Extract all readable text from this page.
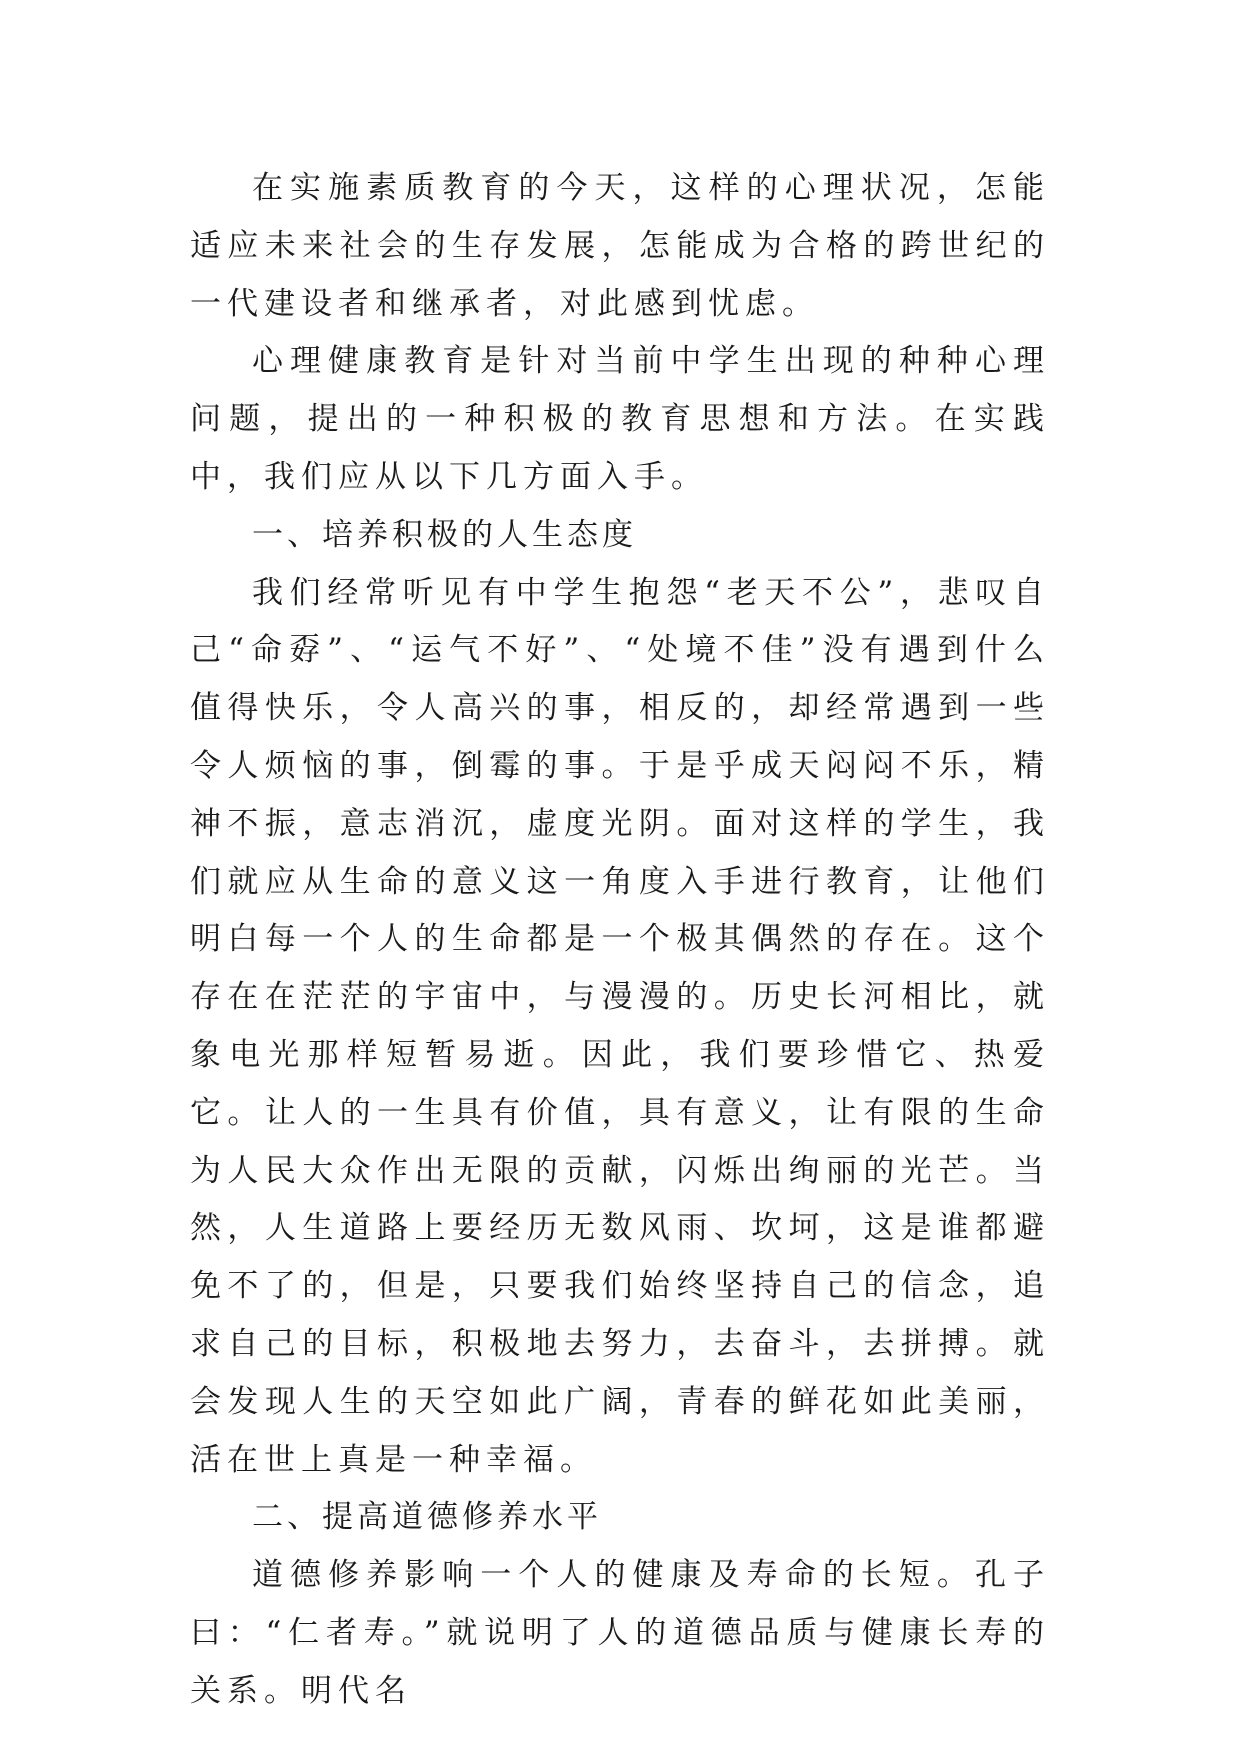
在实施素质教育的今天，这样的心理状况，怎能适应未来社会的生存发展，怎能成为合格的跨世纪的一代建设者和继承者，对此感到忧虑。

心理健康教育是针对当前中学生出现的种种心理问题，提出的一种积极的教育思想和方法。在实践中，我们应从以下几方面入手。

一、培养积极的人生态度

我们经常听见有中学生抱怨“老天不公”，悲叹自己“命孬”、“运气不好”、“处境不佳”没有遇到什么值得快乐，令人高兴的事，相反的，却经常遇到一些令人烦恼的事，倒霉的事。于是乎成天闷闷不乐，精神不振，意志消沉，虚度光阴。面对这样的学生，我们就应从生命的意义这一角度入手进行教育，让他们明白每一个人的生命都是一个极其偶然的存在。这个存在在茫茫的宇宙中，与漫漫的。历史长河相比，就象电光那样短暂易逝。因此，我们要珍惜它、热爱它。让人的一生具有价值，具有意义，让有限的生命为人民大众作出无限的贡献，闪烁出绚丽的光芒。当然，人生道路上要经历无数风雨、坎坷，这是谁都避免不了的，但是，只要我们始终坚持自己的信念，追求自己的目标，积极地去努力，去奋斗，去拼搏。就会发现人生的天空如此广阔，青春的鲜花如此美丽，活在世上真是一种幸福。

二、提高道德修养水平

道德修养影响一个人的健康及寿命的长短。孔子曰：“仁者寿。”就说明了人的道德品质与健康长寿的关系。明代名
